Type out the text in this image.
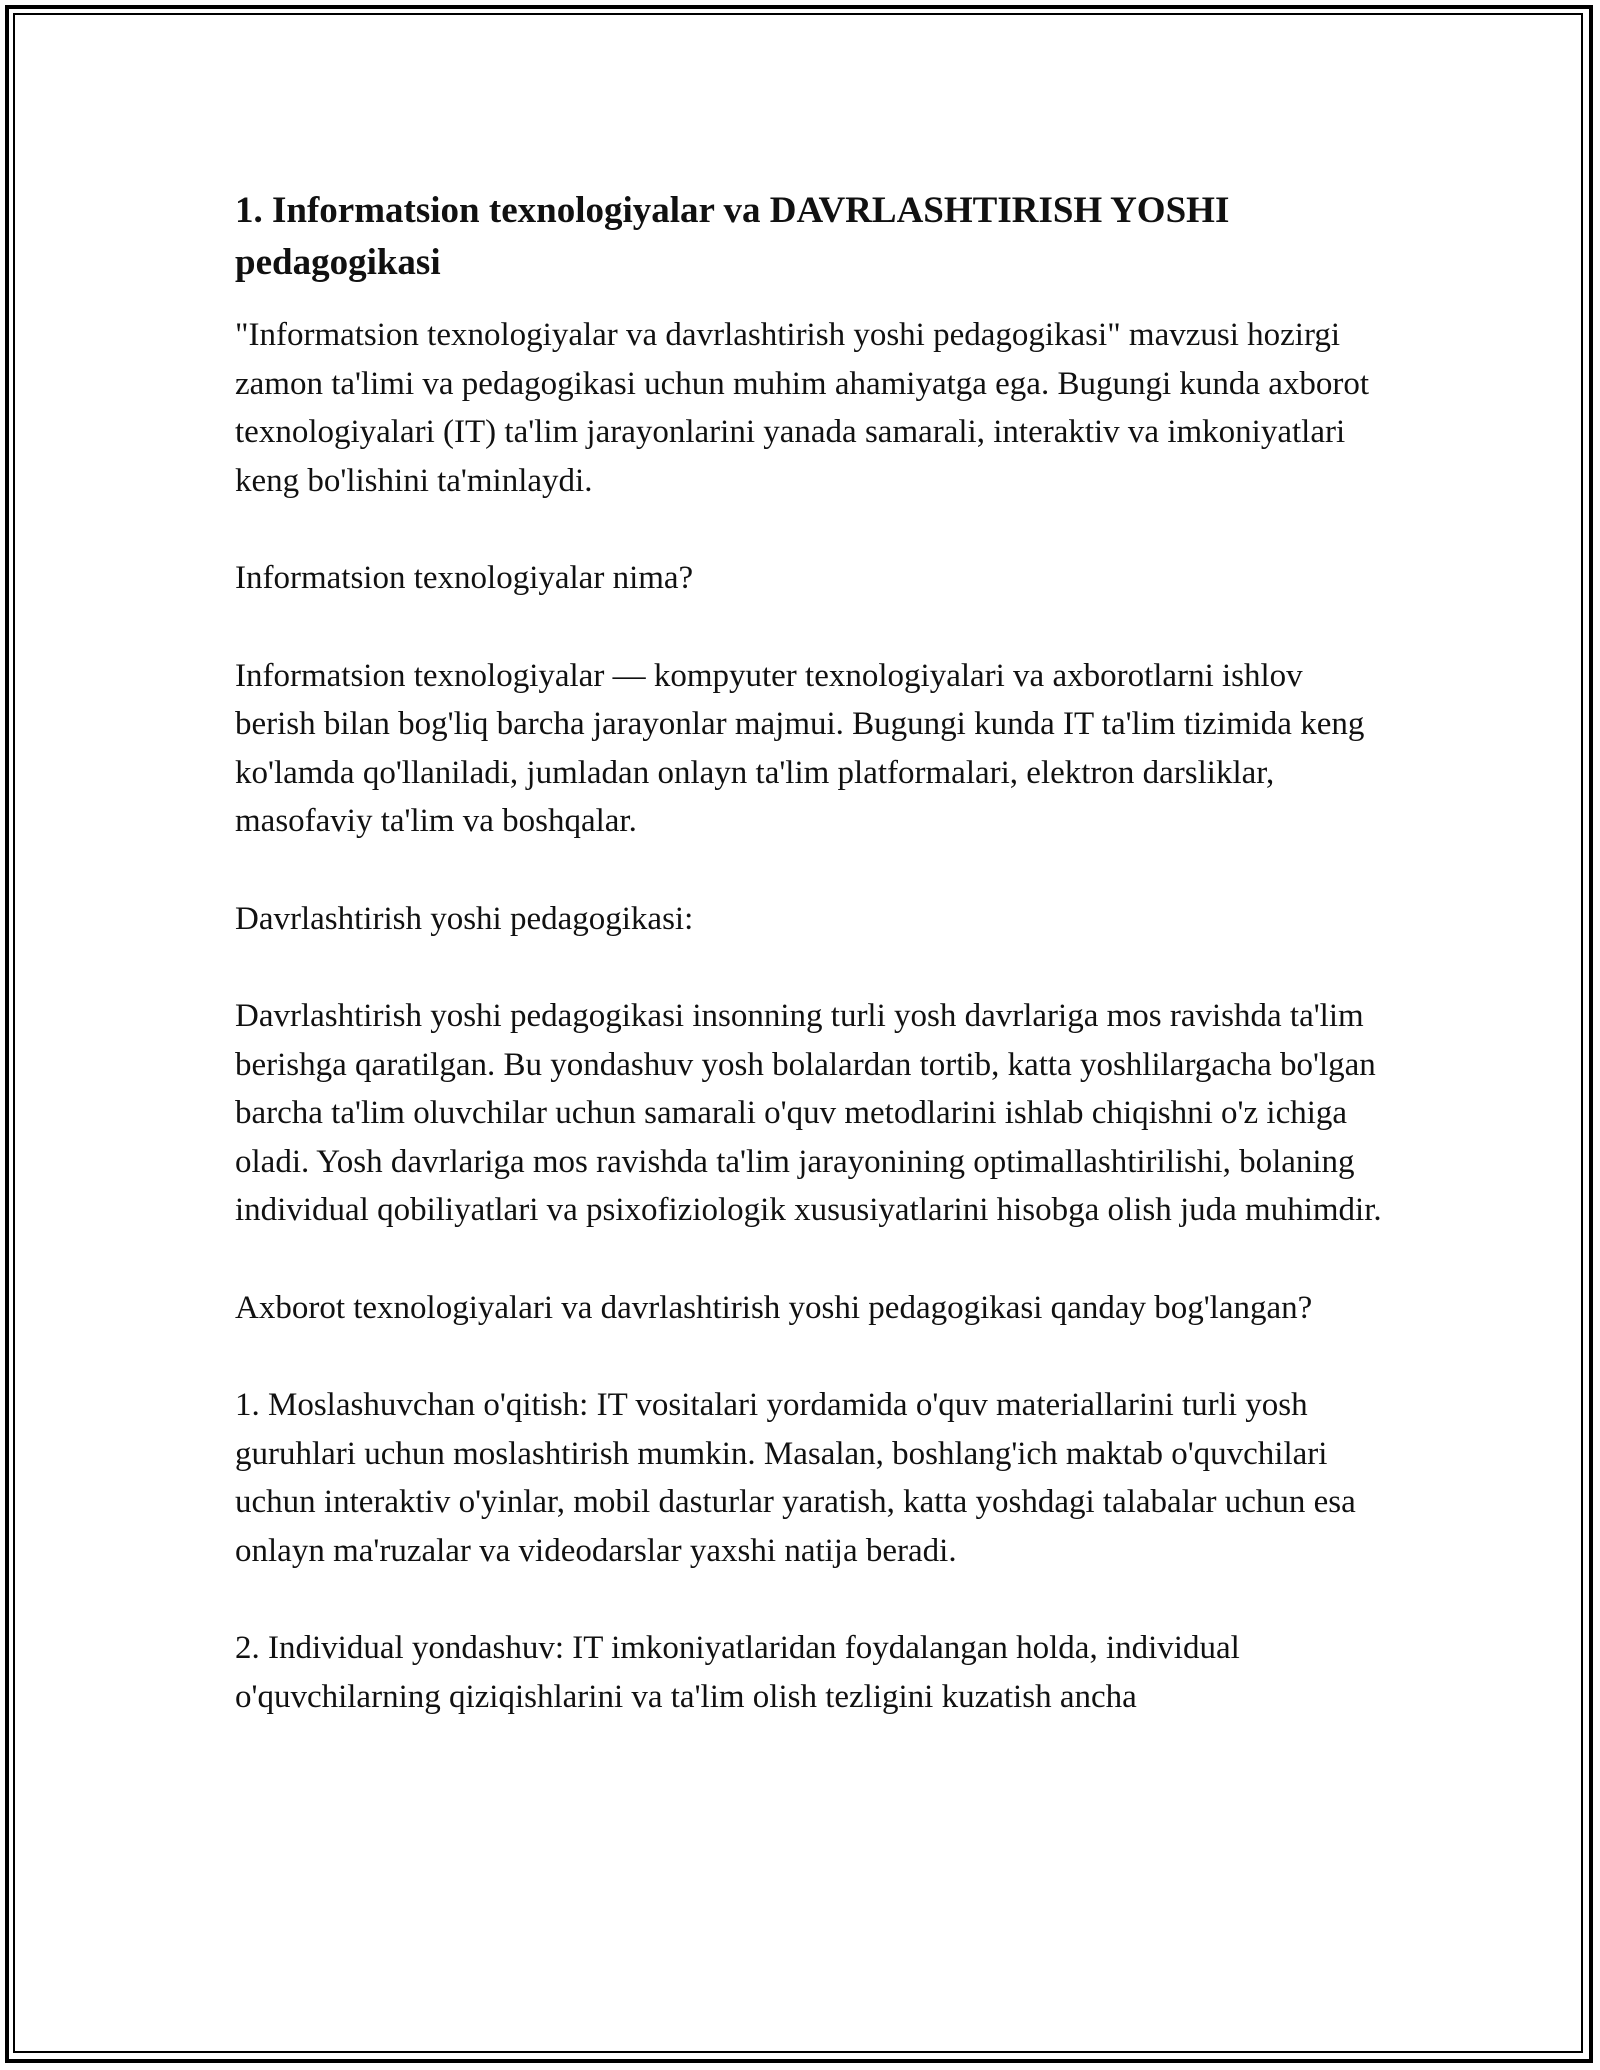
1. Informatsion texnologiyalar va DAVRLASHTIRISH YOSHI pedagogikasi

"Informatsion texnologiyalar va davrlashtirish yoshi pedagogikasi" mavzusi hozirgi zamon ta'limi va pedagogikasi uchun muhim ahamiyatga ega. Bugungi kunda axborot texnologiyalari (IT) ta'lim jarayonlarini yanada samarali, interaktiv va imkoniyatlari keng bo'lishini ta'minlaydi.

Informatsion texnologiyalar nima?

Informatsion texnologiyalar — kompyuter texnologiyalari va axborotlarni ishlov berish bilan bog'liq barcha jarayonlar majmui. Bugungi kunda IT ta'lim tizimida keng ko'lamda qo'llaniladi, jumladan onlayn ta'lim platformalari, elektron darsliklar, masofaviy ta'lim va boshqalar.

Davrlashtirish yoshi pedagogikasi:

Davrlashtirish yoshi pedagogikasi insonning turli yosh davrlariga mos ravishda ta'lim berishga qaratilgan. Bu yondashuv yosh bolalardan tortib, katta yoshlilargacha bo'lgan barcha ta'lim oluvchilar uchun samarali o'quv metodlarini ishlab chiqishni o'z ichiga oladi. Yosh davrlariga mos ravishda ta'lim jarayonining optimallashtirilishi, bolaning individual qobiliyatlari va psixofiziologik xususiyatlarini hisobga olish juda muhimdir.

Axborot texnologiyalari va davrlashtirish yoshi pedagogikasi qanday bog'langan?

1. Moslashuvchan o'qitish: IT vositalari yordamida o'quv materiallarini turli yosh guruhlari uchun moslashtirish mumkin. Masalan, boshlang'ich maktab o'quvchilari uchun interaktiv o'yinlar, mobil dasturlar yaratish, katta yoshdagi talabalar uchun esa onlayn ma'ruzalar va videodarslar yaxshi natija beradi.

2. Individual yondashuv: IT imkoniyatlaridan foydalangan holda, individual o'quvchilarning qiziqishlarini va ta'lim olish tezligini kuzatish ancha
